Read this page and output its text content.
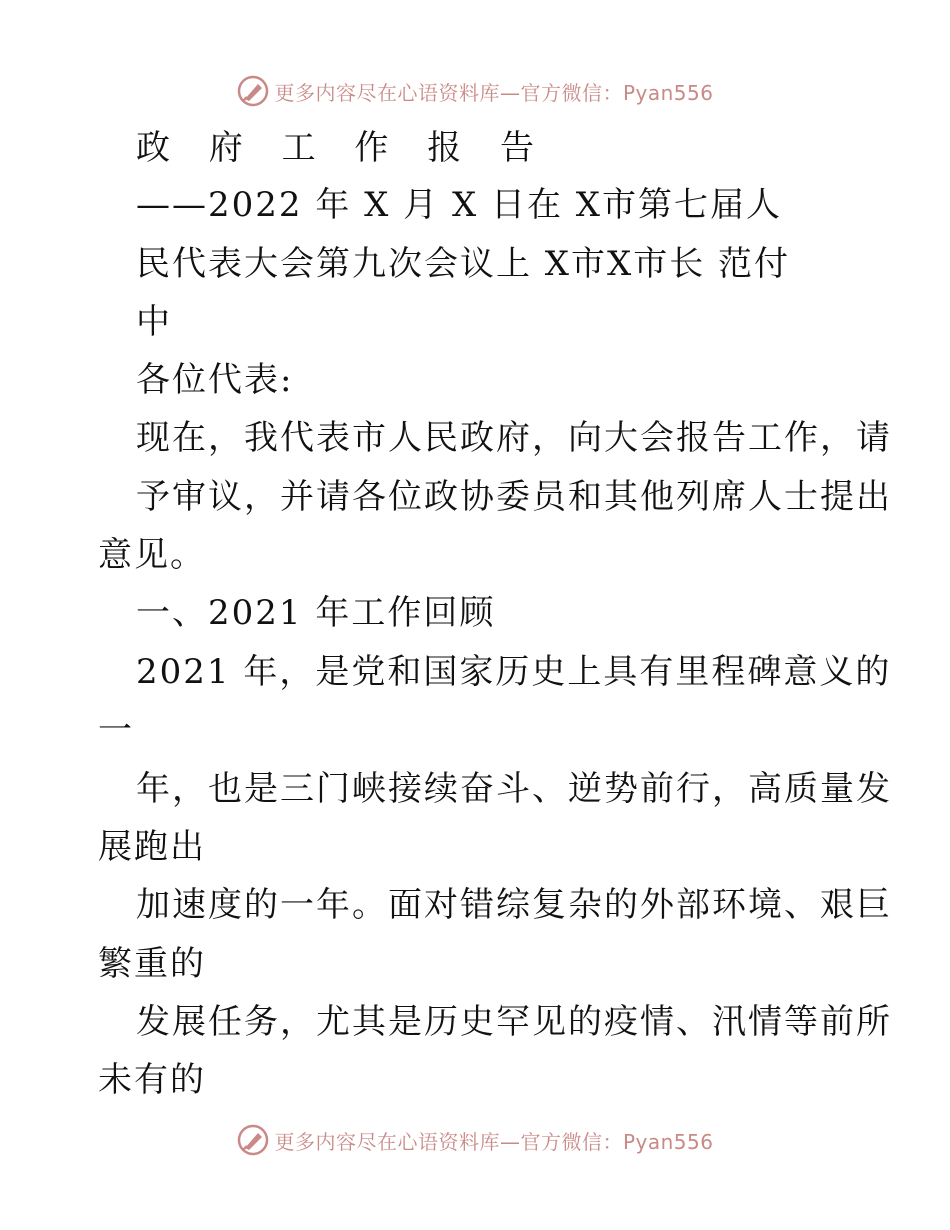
更多内容尽在心语资料库—官方微信：Pyan556
政 府 工 作 报 告
——2022 年 X 月 X 日在 X市第七届人
民代表大会第九次会议上 X市X市长 范付
中
各位代表:
现在，我代表市人民政府，向大会报告工作，请
予审议，并请各位政协委员和其他列席人士提出
意见。
一、2021 年工作回顾
2021 年，是党和国家历史上具有里程碑意义的
一
年，也是三门峡接续奋斗、逆势前行，高质量发
展跑出
加速度的一年。面对错综复杂的外部环境、艰巨
繁重的
发展任务，尤其是历史罕见的疫情、汛情等前所
未有的
更多内容尽在心语资料库—官方微信：Pyan556
